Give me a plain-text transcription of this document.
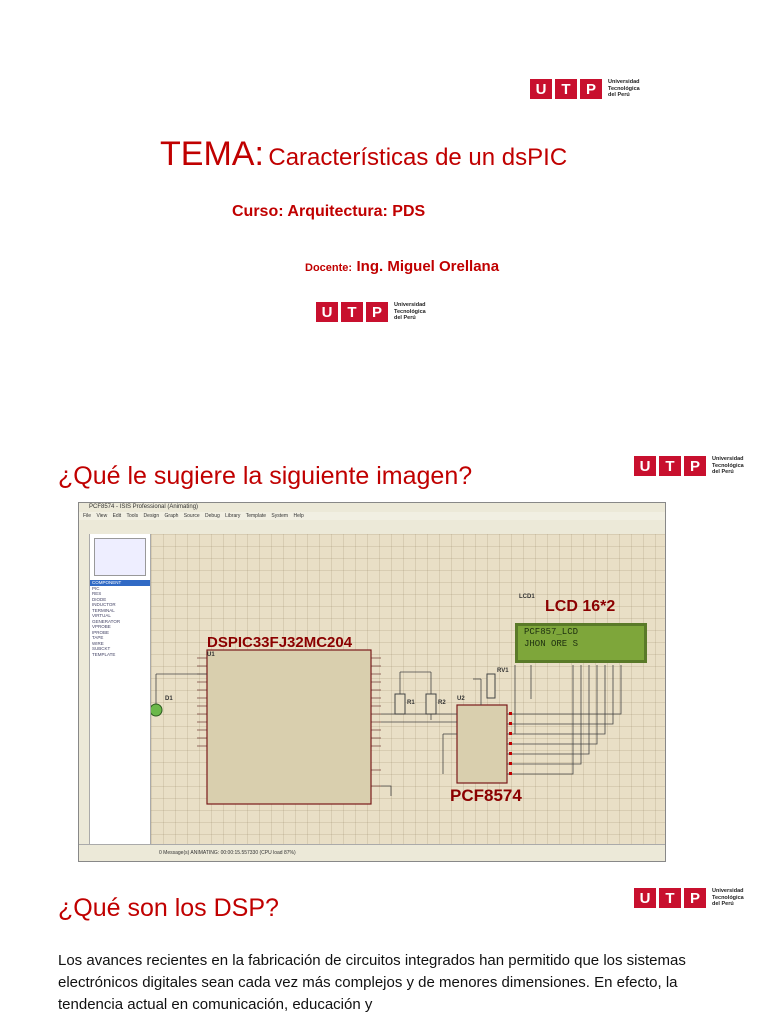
U T	P	Universidad
Tecnológica
del Perú
TEMA: Características de un dsPIC
Curso: Arquitectura: PDS
Docente: Ing. Miguel Orellana
U T	P	Universidad
Tecnológica
del Perú
¿Qué le sugiere la siguiente imagen?	U T	P	Universidad
Tecnológica
del Perú
PCF8574 - ISIS Professional (Animating)
File View Edit Tools Design Graph Source Debug Library Template System Help
COMPONENT
PIC
RES
DIODE
INDUCTOR
TERMINAL
VIRTUAL
GENERATOR
VPROBE
IPROBE
TAPE
WIRE
SUBCKT
TEMPLATE
DSPIC33FJ32MC204
U1
U2
PCF8574
D1
RV1
R1	R2
LCD1
LCD 16*2
PCF857_LCD
JHON ORE S
0 Message(s) ANIMATING: 00:00:15.557330 (CPU load 87%)
¿Qué son los DSP?	U T	P	Universidad
Tecnológica
del Perú
Los avances recientes en la fabricación de circuitos integrados han permitido que los sistemas electrónicos digitales sean cada vez más complejos y de menores dimensiones. En efecto, la tendencia actual en comunicación, educación y
